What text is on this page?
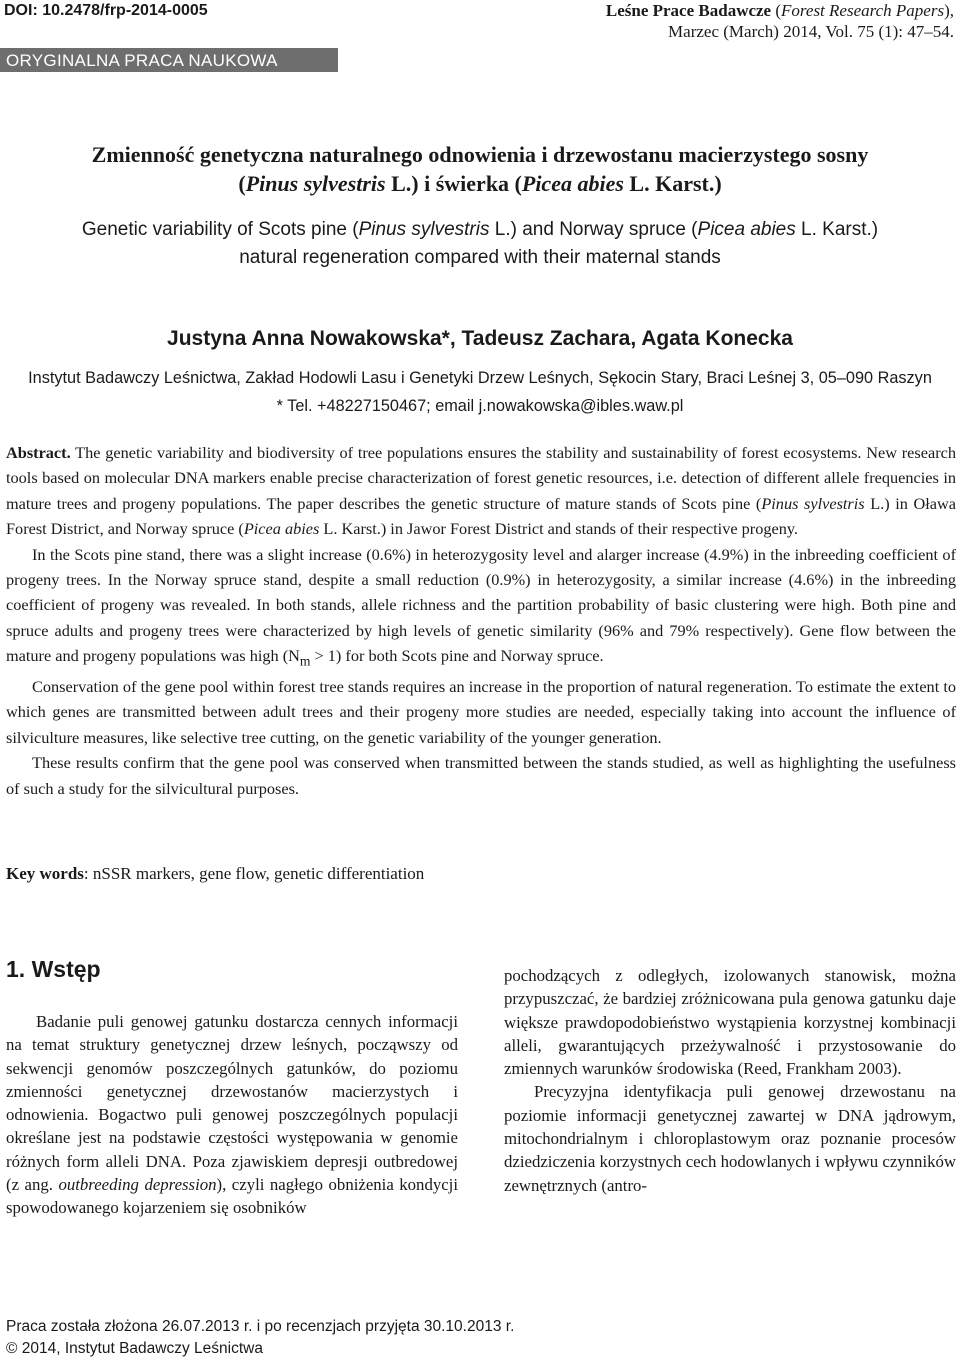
DOI: 10.2478/frp-2014-0005	Leśne Prace Badawcze (Forest Research Papers),
Marzec (March) 2014, Vol. 75 (1): 47–54.
ORYGINALNA PRACA NAUKOWA
Zmienność genetyczna naturalnego odnowienia i drzewostanu macierzystego sosny
(Pinus sylvestris L.) i świerka (Picea abies L. Karst.)
Genetic variability of Scots pine (Pinus sylvestris L.) and Norway spruce (Picea abies L. Karst.)
natural regeneration compared with their maternal stands
Justyna Anna Nowakowska*, Tadeusz Zachara, Agata Konecka
Instytut Badawczy Leśnictwa, Zakład Hodowli Lasu i Genetyki Drzew Leśnych, Sękocin Stary, Braci Leśnej 3, 05–090 Raszyn
* Tel. +48227150467; email j.nowakowska@ibles.waw.pl

Abstract. The genetic variability and biodiversity of tree populations ensures the stability and sustainability of forest ecosystems. New research tools based on molecular DNA markers enable precise characterization of forest genetic resources, i.e. detection of different allele frequencies in mature trees and progeny populations. The paper describes the genetic structure of mature stands of Scots pine (Pinus sylvestris L.) in Oława Forest District, and Norway spruce (Picea abies L. Karst.) in Jawor Forest District and stands of their respective progeny.

In the Scots pine stand, there was a slight increase (0.6%) in heterozygosity level and alarger increase (4.9%) in the inbreeding coefficient of progeny trees. In the Norway spruce stand, despite a small reduction (0.9%) in heterozygosity, a similar increase (4.6%) in the inbreeding coefficient of progeny was revealed. In both stands, allele richness and the partition probability of basic clustering were high. Both pine and spruce adults and progeny trees were characterized by high levels of genetic similarity (96% and 79% respectively). Gene flow between the mature and progeny populations was high $(N_m > 1)$ for both Scots pine and Norway spruce.

Conservation of the gene pool within forest tree stands requires an increase in the proportion of natural regeneration. To estimate the extent to which genes are transmitted between adult trees and their progeny more studies are needed, especially taking into account the influence of silviculture measures, like selective tree cutting, on the genetic variability of the younger generation.

These results confirm that the gene pool was conserved when transmitted between the stands studied, as well as highlighting the usefulness of such a study for the silvicultural purposes.

Key words: nSSR markers, gene flow, genetic differentiation
1. Wstęp

Badanie puli genowej gatunku dostarcza cennych informacji na temat struktury genetycznej drzew leśnych, począwszy od sekwencji genomów poszczególnych gatunków, do poziomu zmienności genetycznej drzewostanów macierzystych i odnowienia. Bogactwo puli genowej poszczególnych populacji określane jest na podstawie częstości występowania w genomie różnych form alleli DNA. Poza zjawiskiem depresji outbredowej (z ang. outbreeding depression), czyli nagłego obniżenia kondycji spowodowanego kojarzeniem się osobników

pochodzących z odległych, izolowanych stanowisk, można przypuszczać, że bardziej zróżnicowana pula genowa gatunku daje większe prawdopodobieństwo wystąpienia korzystnej kombinacji alleli, gwarantujących przeżywalność i przystosowanie do zmiennych warunków środowiska (Reed, Frankham 2003).

Precyzyjna identyfikacja puli genowej drzewostanu na poziomie informacji genetycznej zawartej w DNA jądrowym, mitochondrialnym i chloroplastowym oraz poznanie procesów dziedziczenia korzystnych cech hodowlanych i wpływu czynników zewnętrznych (antro-

Praca została złożona 26.07.2013 r. i po recenzjach przyjęta 30.10.2013 r.
© 2014, Instytut Badawczy Leśnictwa
